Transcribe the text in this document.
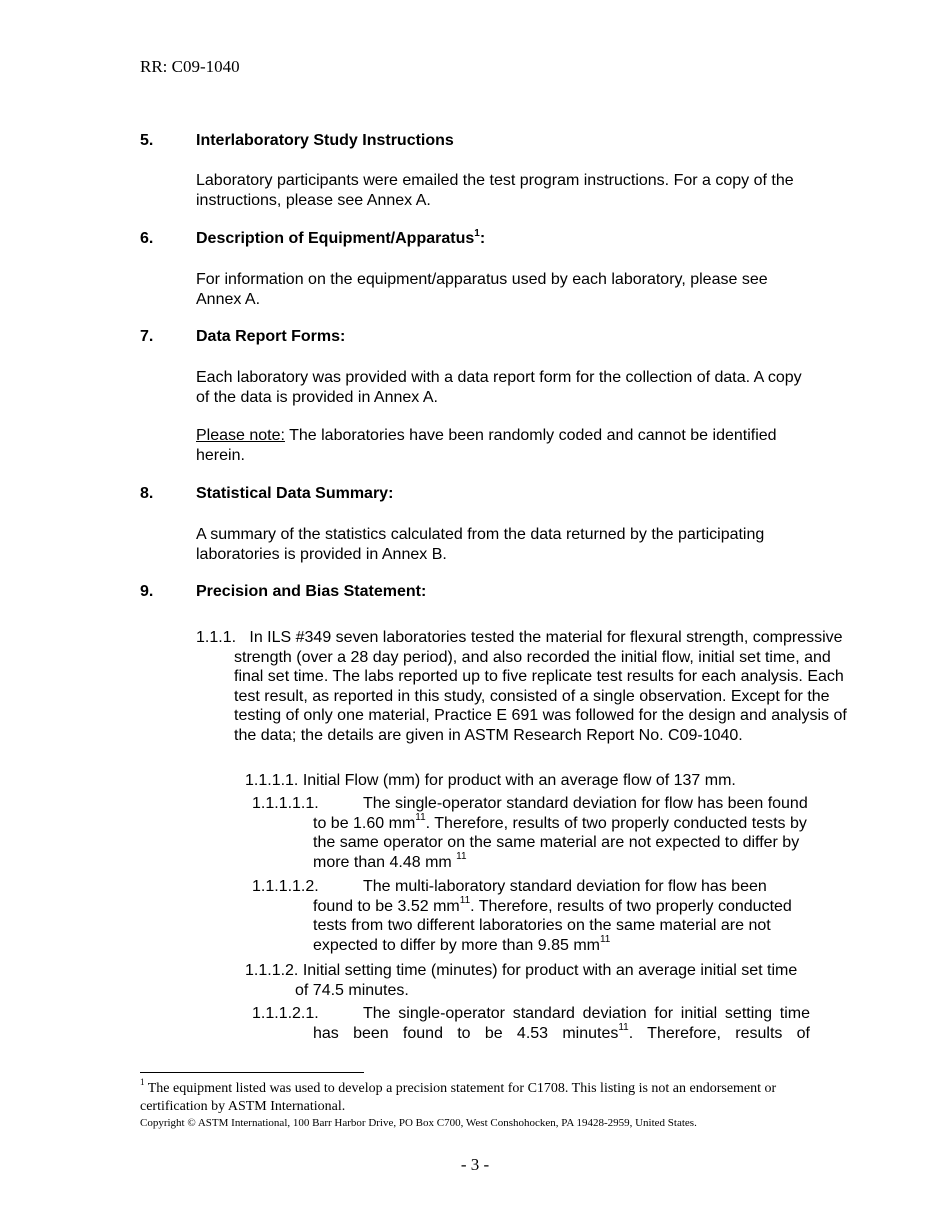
RR: C09-1040
5.	Interlaboratory Study Instructions

Laboratory participants were emailed the test program instructions. For a copy of the instructions, please see Annex A.

6.	Description of Equipment/Apparatus$^1$:

For information on the equipment/apparatus used by each laboratory, please see Annex A.

7.	Data Report Forms:

Each laboratory was provided with a data report form for the collection of data. A copy of the data is provided in Annex A.

Please note: The laboratories have been randomly coded and cannot be identified herein.

8.	Statistical Data Summary:

A summary of the statistics calculated from the data returned by the participating laboratories is provided in Annex B.

9.	Precision and Bias Statement:
1.1.1. In ILS #349 seven laboratories tested the material for flexural strength, compressive strength (over a 28 day period), and also recorded the initial flow, initial set time, and final set time. The labs reported up to five replicate test results for each analysis. Each test result, as reported in this study, consisted of a single observation. Except for the testing of only one material, Practice E 691 was followed for the design and analysis of the data; the details are given in ASTM Research Report No. C09-1040.
1.1.1.1. Initial Flow (mm) for product with an average flow of 137 mm.
1.1.1.1.1.	The single-operator standard deviation for flow has been found to be 1.60 $mm^{11}$. Therefore, results of two properly conducted tests by the same operator on the same material are not expected to differ by more than 4.48 mm $^{11}$
1.1.1.1.2.	The multi-laboratory standard deviation for flow has been found to be 3.52 $mm^{11}$. Therefore, results of two properly conducted tests from two different laboratories on the same material are not expected to differ by more than 9.85 $mm^{11}$
1.1.1.2. Initial setting time (minutes) for product with an average initial set time of 74.5 minutes.
1.1.1.2.1.	The single-operator standard deviation for initial setting time has been found to be 4.53 minutes$^{11}$. Therefore, results of

$^1$ The equipment listed was used to develop a precision statement for C1708. This listing is not an endorsement or certification by ASTM International.

Copyright © ASTM International, 100 Barr Harbor Drive, PO Box C700, West Conshohocken, PA 19428-2959, United States.
- 3 -
